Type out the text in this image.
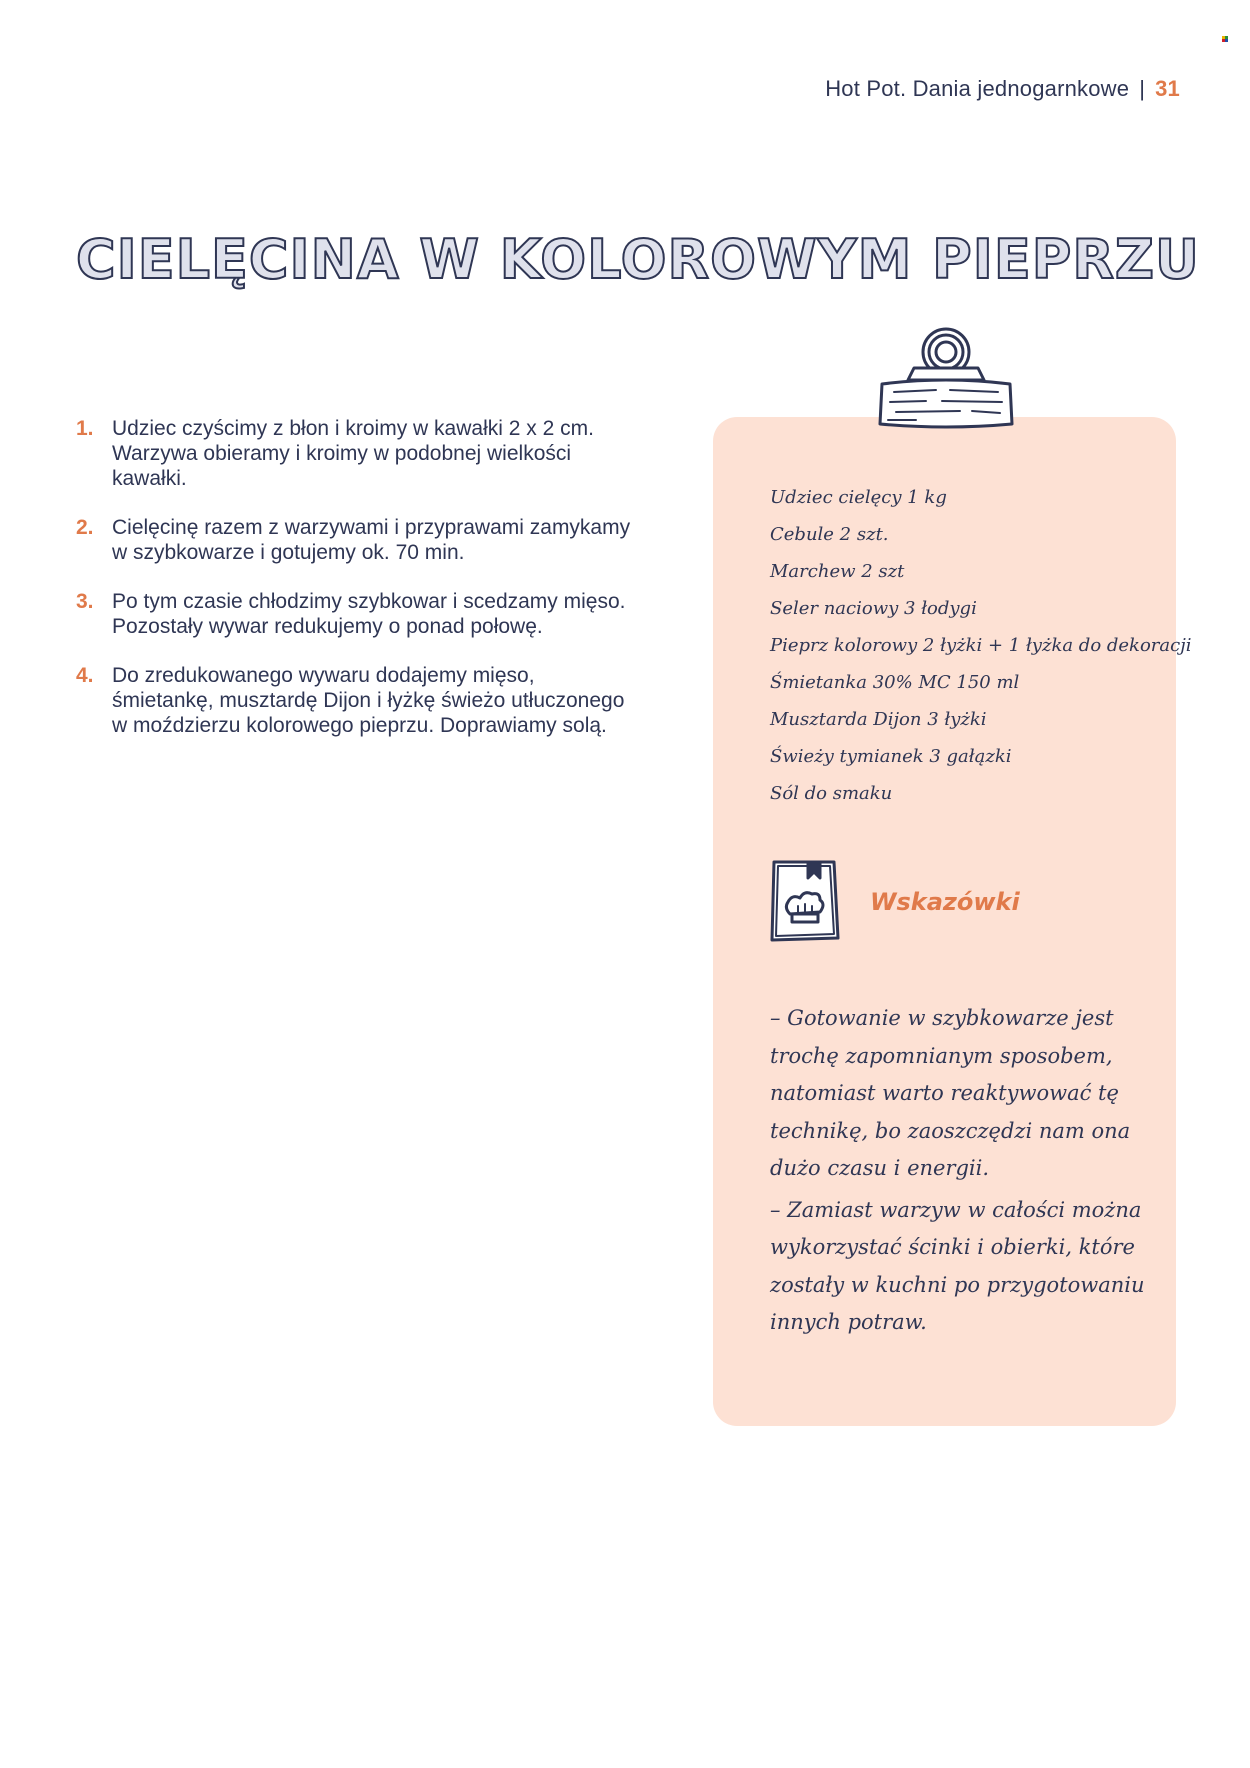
Hot Pot. Dania jednogarnkowe | 31
CIELĘCINA W KOLOROWYM PIEPRZU
1. Udziec czyścimy z błon i kroimy w kawałki 2 x 2 cm. Warzywa obieramy i kroimy w podobnej wielkości kawałki.
2. Cielęcinę razem z warzywami i przyprawami zamykamy w szybkowarze i gotujemy ok. 70 min.
3. Po tym czasie chłodzimy szybkowar i scedzamy mięso. Pozostały wywar redukujemy o ponad połowę.
4. Do zredukowanego wywaru dodajemy mięso, śmietankę, musztardę Dijon i łyżkę świeżo utłuczonego w moździerzu kolorowego pieprzu. Doprawiamy solą.
Udziec cielęcy 1 kg
Cebule 2 szt.
Marchew 2 szt
Seler naciowy 3 łodygi
Pieprz kolorowy 2 łyżki + 1 łyżka do dekoracji
Śmietanka 30% MC 150 ml
Musztarda Dijon 3 łyżki
Świeży tymianek 3 gałązki
Sól do smaku
Wskazówki

– Gotowanie w szybkowarze jest trochę zapomnianym sposobem, natomiast warto reaktywować tę technikę, bo zaoszczędzi nam ona dużo czasu i energii.

– Zamiast warzyw w całości można wykorzystać ścinki i obierki, które zostały w kuchni po przygotowaniu innych potraw.
